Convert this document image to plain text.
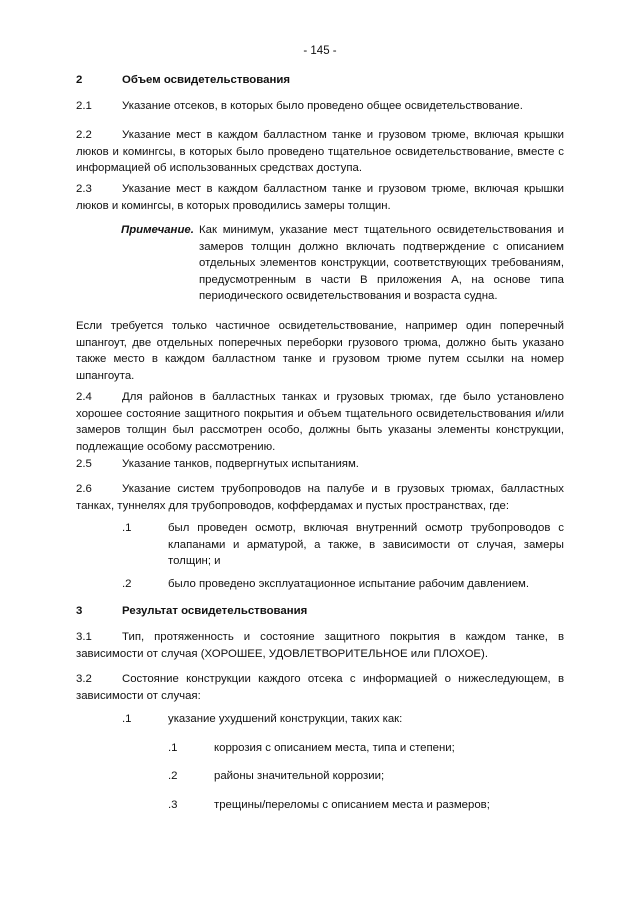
- 145 -
2	Объем освидетельствования
2.1	Указание отсеков, в которых было проведено общее освидетельствование.
2.2	Указание мест в каждом балластном танке и грузовом трюме, включая крышки люков и комингсы, в которых было проведено тщательное освидетельствование, вместе с информацией об использованных средствах доступа.
2.3	Указание мест в каждом балластном танке и грузовом трюме, включая крышки люков и комингсы, в которых проводились замеры толщин.
Примечание. Как минимум, указание мест тщательного освидетельствования и замеров толщин должно включать подтверждение с описанием отдельных элементов конструкции, соответствующих требованиям, предусмотренным в части В приложения А, на основе типа периодического освидетельствования и возраста судна.
Если требуется только частичное освидетельствование, например один поперечный шпангоут, две отдельных поперечных переборки грузового трюма, должно быть указано также место в каждом балластном танке и грузовом трюме путем ссылки на номер шпангоута.
2.4	Для районов в балластных танках и грузовых трюмах, где было установлено хорошее состояние защитного покрытия и объем тщательного освидетельствования и/или замеров толщин был рассмотрен особо, должны быть указаны элементы конструкции, подлежащие особому рассмотрению.
2.5	Указание танков, подвергнутых испытаниям.
2.6	Указание систем трубопроводов на палубе и в грузовых трюмах, балластных танках, туннелях для трубопроводов, коффердамах и пустых пространствах, где:
.1	был проведен осмотр, включая внутренний осмотр трубопроводов с клапанами и арматурой, а также, в зависимости от случая, замеры толщин; и
.2	было проведено эксплуатационное испытание рабочим давлением.
3	Результат освидетельствования
3.1	Тип, протяженность и состояние защитного покрытия в каждом танке, в зависимости от случая (ХОРОШЕЕ, УДОВЛЕТВОРИТЕЛЬНОЕ или ПЛОХОЕ).
3.2	Состояние конструкции каждого отсека с информацией о нижеследующем, в зависимости от случая:
.1	указание ухудшений конструкции, таких как:
.1	коррозия с описанием места, типа и степени;
.2	районы значительной коррозии;
.3	трещины/переломы с описанием места и размеров;
